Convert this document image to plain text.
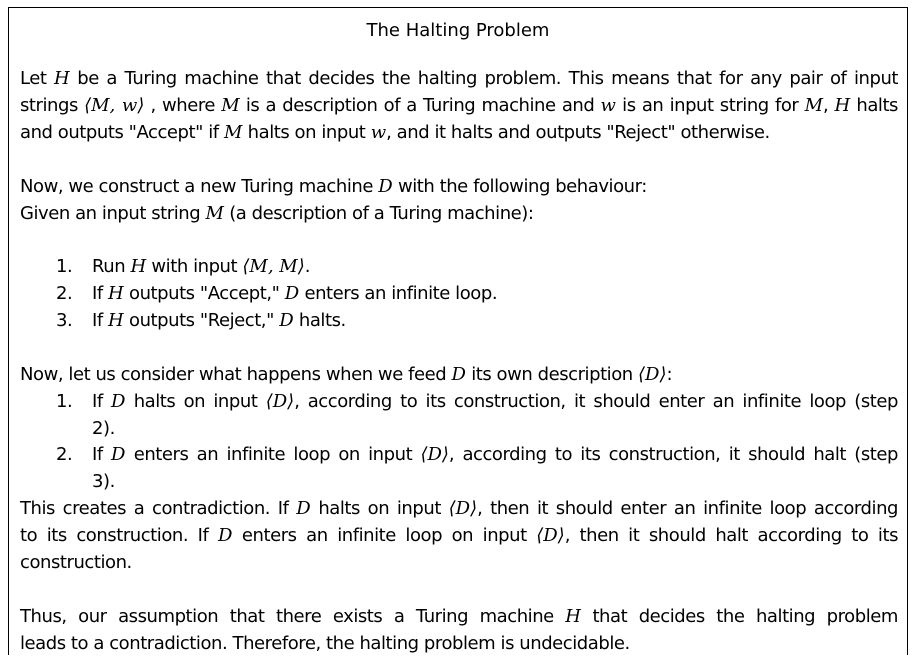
The Halting Problem
Let H be a Turing machine that decides the halting problem. This means that for any pair of input
strings ⟨M, w⟩ , where M is a description of a Turing machine and w is an input string for M, H halts
and outputs "Accept" if M halts on input w, and it halts and outputs "Reject" otherwise.
Now, we construct a new Turing machine D with the following behaviour:
Given an input string M (a description of a Turing machine):
1. Run H with input ⟨M, M⟩.
2. If H outputs "Accept," D enters an infinite loop.
3. If H outputs "Reject," D halts.
Now, let us consider what happens when we feed D its own description ⟨D⟩:
1. If D halts on input ⟨D⟩, according to its construction, it should enter an infinite loop (step
2).
2. If D enters an infinite loop on input ⟨D⟩, according to its construction, it should halt (step
3).
This creates a contradiction. If D halts on input ⟨D⟩, then it should enter an infinite loop according
to its construction. If D enters an infinite loop on input ⟨D⟩, then it should halt according to its
construction.
Thus, our assumption that there exists a Turing machine H that decides the halting problem
leads to a contradiction. Therefore, the halting problem is undecidable.
